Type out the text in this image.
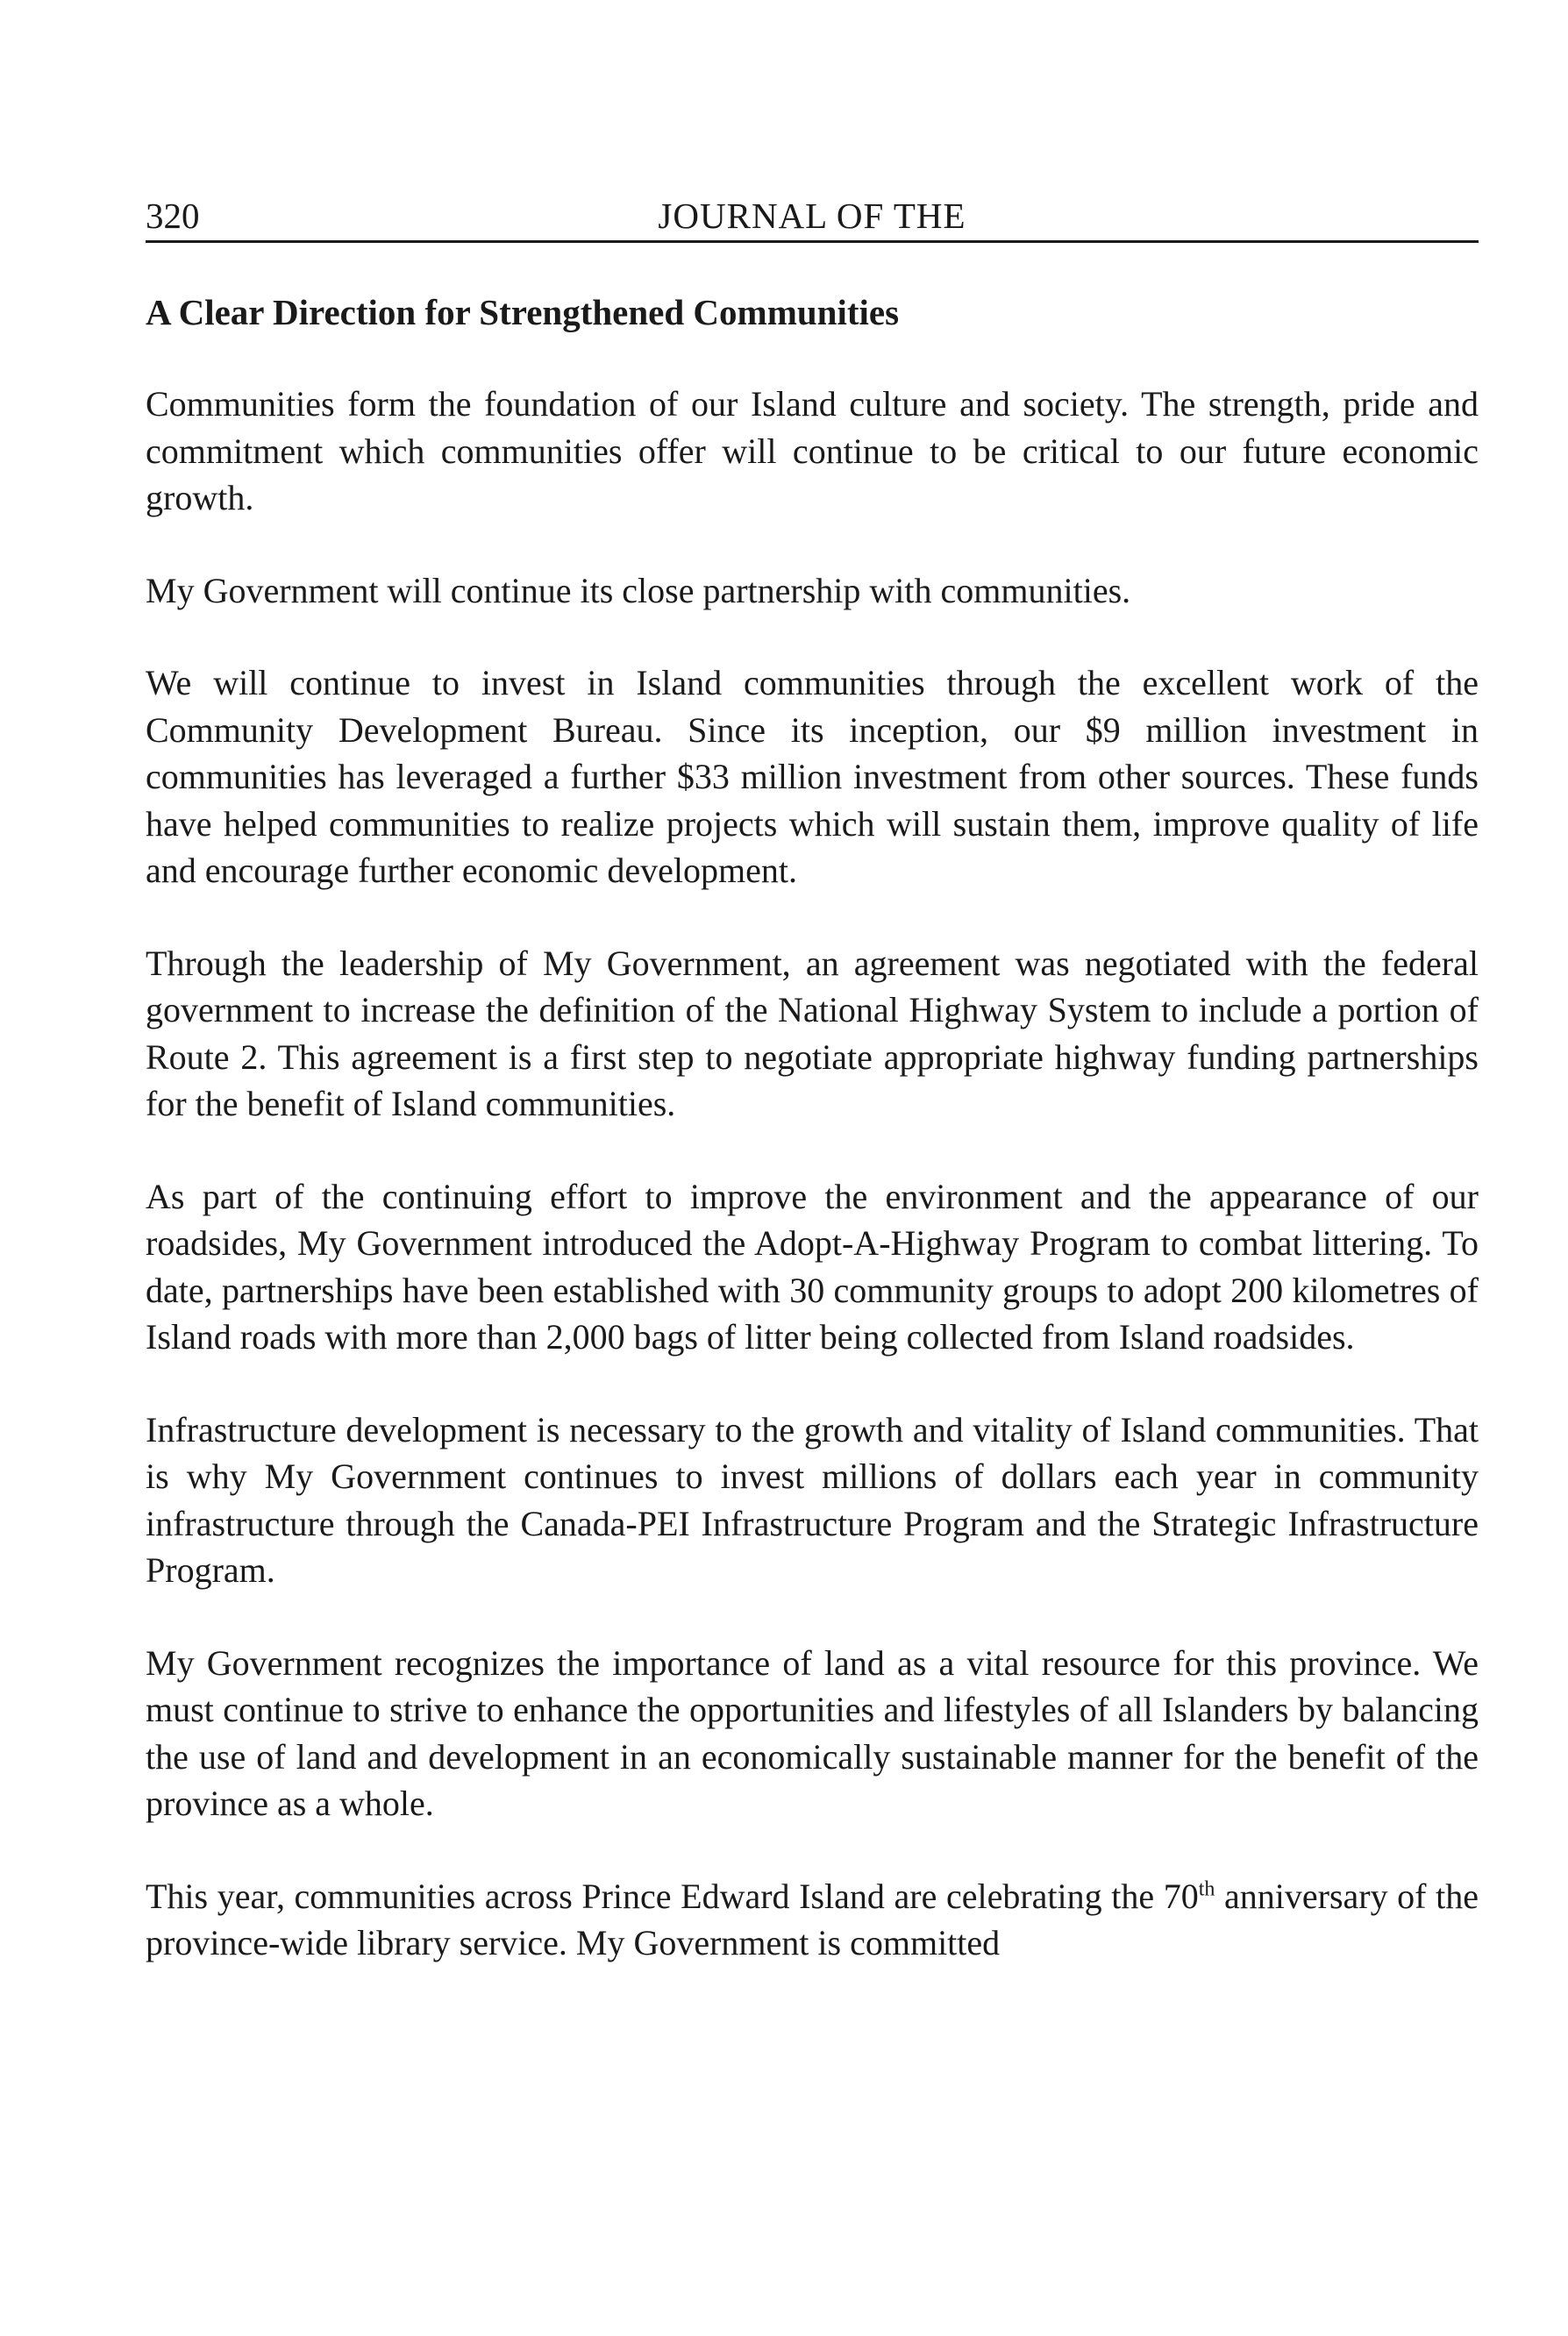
320	JOURNAL OF THE
A Clear Direction for Strengthened Communities

Communities form the foundation of our Island culture and society. The strength, pride and commitment which communities offer will continue to be critical to our future economic growth.

My Government will continue its close partnership with communities.

We will continue to invest in Island communities through the excellent work of the Community Development Bureau. Since its inception, our $9 million investment in communities has leveraged a further $33 million investment from other sources. These funds have helped communities to realize projects which will sustain them, improve quality of life and encourage further economic development.

Through the leadership of My Government, an agreement was negotiated with the federal government to increase the definition of the National Highway System to include a portion of Route 2. This agreement is a first step to negotiate appropriate highway funding partnerships for the benefit of Island communities.

As part of the continuing effort to improve the environment and the appearance of our roadsides, My Government introduced the Adopt-A-Highway Program to combat littering. To date, partnerships have been established with 30 community groups to adopt 200 kilometres of Island roads with more than 2,000 bags of litter being collected from Island roadsides.

Infrastructure development is necessary to the growth and vitality of Island communities. That is why My Government continues to invest millions of dollars each year in community infrastructure through the Canada-PEI Infrastructure Program and the Strategic Infrastructure Program.

My Government recognizes the importance of land as a vital resource for this province. We must continue to strive to enhance the opportunities and lifestyles of all Islanders by balancing the use of land and development in an economically sustainable manner for the benefit of the province as a whole.

This year, communities across Prince Edward Island are celebrating the 70th anniversary of the province-wide library service. My Government is committed
